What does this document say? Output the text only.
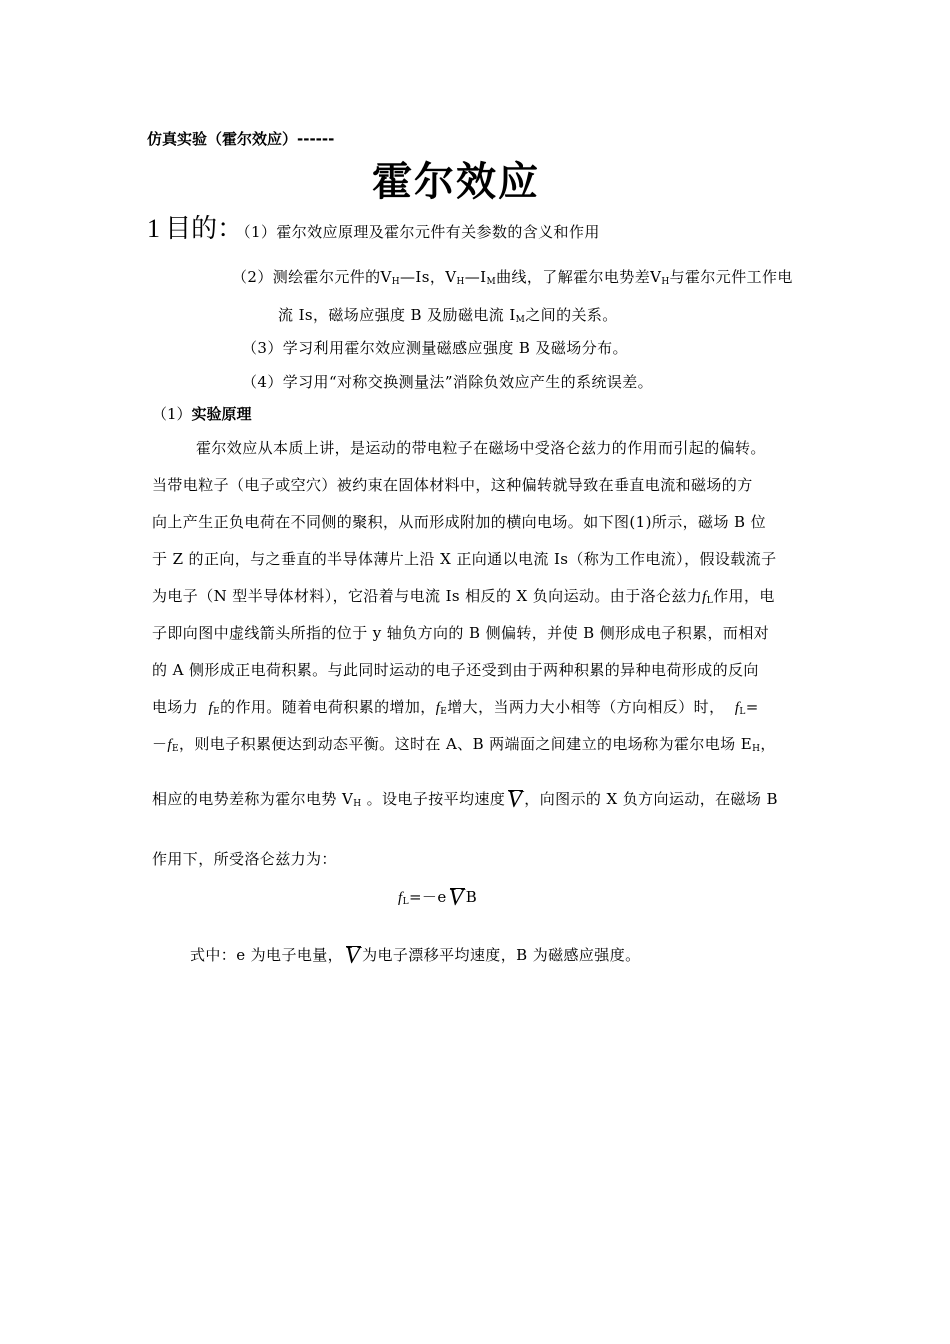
仿真实验（霍尔效应）------
霍尔效应
1 目的：（1）霍尔效应原理及霍尔元件有关参数的含义和作用
（2）测绘霍尔元件的$V_H—Is$，$V_H—I_M$曲线，了解霍尔电势差$V_H$与霍尔元件工作电
流 Is，磁场应强度 B 及励磁电流 $I_M$之间的关系。
（3）学习利用霍尔效应测量磁感应强度 B 及磁场分布。
（4）学习用“对称交换测量法”消除负效应产生的系统误差。
（1）实验原理
霍尔效应从本质上讲，是运动的带电粒子在磁场中受洛仑兹力的作用而引起的偏转。
当带电粒子（电子或空穴）被约束在固体材料中，这种偏转就导致在垂直电流和磁场的方
向上产生正负电荷在不同侧的聚积，从而形成附加的横向电场。如下图(1)所示，磁场 B 位
于 Z 的正向，与之垂直的半导体薄片上沿 X 正向通以电流 Is（称为工作电流），假设载流子
为电子（N 型半导体材料），它沿着与电流 Is 相反的 X 负向运动。由于洛仑兹力$f_L$作用，电
子即向图中虚线箭头所指的位于 y 轴负方向的 B 侧偏转，并使 B 侧形成电子积累，而相对
的 A 侧形成正电荷积累。与此同时运动的电子还受到由于两种积累的异种电荷形成的反向
电场力 $f_E$的作用。随着电荷积累的增加，$f_E$增大，当两力大小相等（方向相反）时， $f_L=$
$-f_E$，则电子积累便达到动态平衡。这时在 A、B 两端面之间建立的电场称为霍尔电场 $E_H$，
相应的电势差称为霍尔电势 $V_H$ 。设电子按平均速度V ，向图示的 X 负方向运动，在磁场 B
作用下，所受洛仑兹力为：
$f_L=-eV$ B
式中：e 为电子电量，V 为电子漂移平均速度，B 为磁感应强度。
